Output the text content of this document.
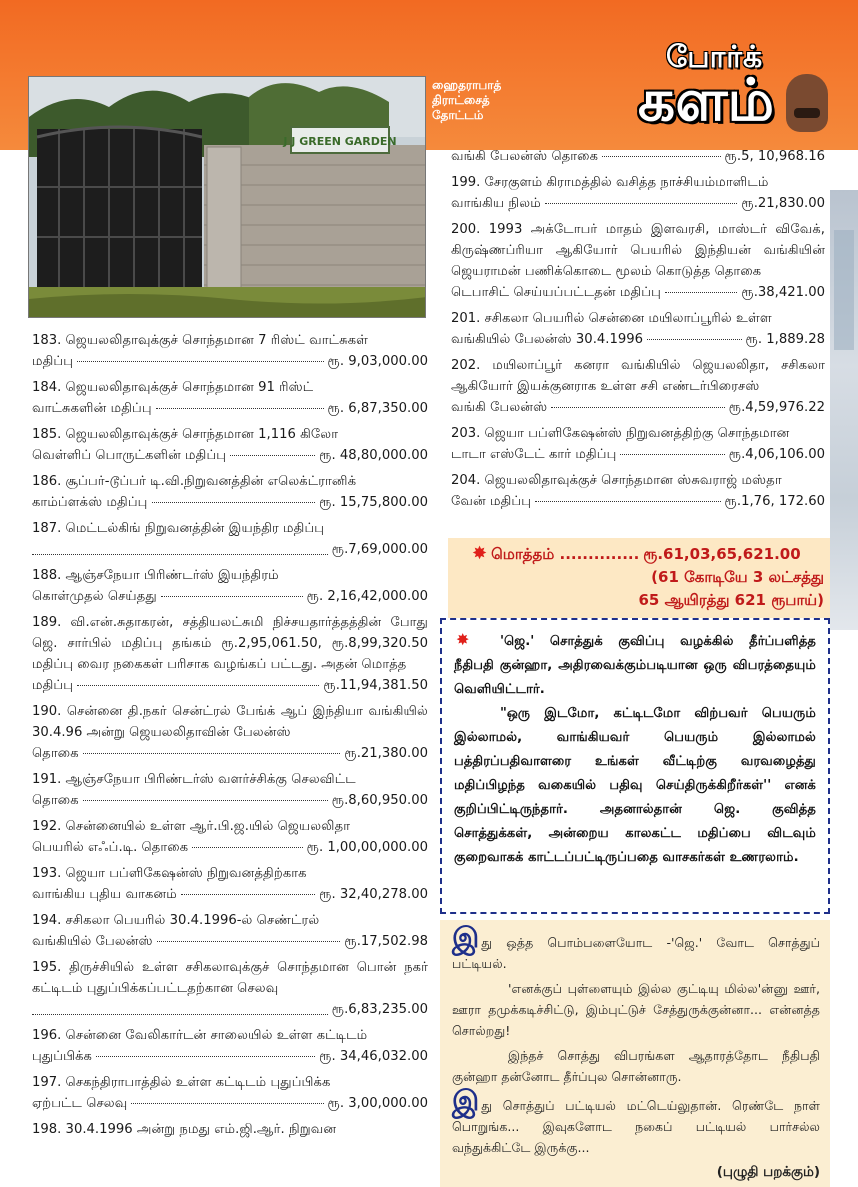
J J GREEN GARDEN
ஹைதராபாத்
திராட்சைத்
தோட்டம்
போர்க்
களம்
183. ஜெயலலிதாவுக்குச் சொந்தமான 7 ரிஸ்ட் வாட்சுகள்
மதிப்பு	ரூ. 9,03,000.00
184. ஜெயலலிதாவுக்குச் சொந்தமான 91 ரிஸ்ட்
வாட்சுகளின் மதிப்பு	ரூ. 6,87,350.00
185. ஜெயலலிதாவுக்குச் சொந்தமான 1,116 கிலோ
வெள்ளிப் பொருட்களின் மதிப்பு	ரூ. 48,80,000.00
186. சூப்பர்-டூப்பர் டி.வி.நிறுவனத்தின் எலெக்ட்ரானிக்
காம்ப்ளக்ஸ் மதிப்பு	ரூ. 15,75,800.00
187. மெட்டல்கிங் நிறுவனத்தின் இயந்திர மதிப்பு
ரூ.7,69,000.00
188. ஆஞ்சநேயா பிரிண்டர்ஸ் இயந்திரம்
கொள்முதல் செய்தது	ரூ. 2,16,42,000.00
189. வி.என்.சுதாகரன், சத்தியலட்சுமி நிச்சயதார்த்தத்தின் போது ஜெ. சார்பில் மதிப்பு தங்கம் ரூ.2,95,061.50, ரூ.8,99,320.50 மதிப்பு வைர நகைகள் பரிசாக வழங்கப் பட்டது. அதன் மொத்த
மதிப்பு	ரூ.11,94,381.50
190. சென்னை தி.நகர் சென்ட்ரல் பேங்க் ஆப் இந்தியா வங்கியில் 30.4.96 அன்று ஜெயலலிதாவின் பேலன்ஸ்
தொகை	ரூ.21,380.00
191. ஆஞ்சநேயா பிரிண்டர்ஸ் வளர்ச்சிக்கு செலவிட்ட
தொகை	ரூ.8,60,950.00
192. சென்னையில் உள்ள ஆர்.பி.ஜ.யில் ஜெயலலிதா
பெயரில் எஃப்.டி. தொகை	ரூ. 1,00,00,000.00
193. ஜெயா பப்ளிகேஷன்ஸ் நிறுவனத்திற்காக
வாங்கிய புதிய வாகனம்	ரூ. 32,40,278.00
194. சசிகலா பெயரில் 30.4.1996-ல் செண்ட்ரல்
வங்கியில் பேலன்ஸ்	ரூ.17,502.98
195. திருச்சியில் உள்ள சசிகலாவுக்குச் சொந்தமான பொன் நகர் கட்டிடம் புதுப்பிக்கப்பட்டதற்கான செலவு
ரூ.6,83,235.00
196. சென்னை வேலிகார்டன் சாலையில் உள்ள கட்டிடம்
புதுப்பிக்க	ரூ. 34,46,032.00
197. செகந்திராபாத்தில் உள்ள கட்டிடம் புதுப்பிக்க
ஏற்பட்ட செலவு	ரூ. 3,00,000.00
198. 30.4.1996 அன்று நமது எம்.ஜி.ஆர். நிறுவன
வங்கி பேலன்ஸ் தொகை	ரூ.5, 10,968.16
199. சேரகுளம் கிராமத்தில் வசித்த நாச்சியம்மாளிடம்
வாங்கிய நிலம்	ரூ.21,830.00
200. 1993 அக்டோபர் மாதம் இளவரசி, மாஸ்டர் விவேக், கிருஷ்ணப்ரியா ஆகியோர் பெயரில் இந்தியன் வங்கியின் ஜெயராமன் பணிக்கொடை மூலம் கொடுத்த தொகை
டெபாசிட் செய்யப்பட்டதன் மதிப்பு	ரூ.38,421.00
201. சசிகலா பெயரில் சென்னை மயிலாப்பூரில் உள்ள
வங்கியில் பேலன்ஸ் 30.4.1996	ரூ. 1,889.28
202. மயிலாப்பூர் கனரா வங்கியில் ஜெயலலிதா, சசிகலா ஆகியோர் இயக்குனராக உள்ள சசி எண்டர்பிரைசஸ்
வங்கி பேலன்ஸ்	ரூ.4,59,976.22
203. ஜெயா பப்ளிகேஷன்ஸ் நிறுவனத்திற்கு சொந்தமான
டாடா எஸ்டேட் கார் மதிப்பு	ரூ.4,06,106.00
204. ஜெயலலிதாவுக்குச் சொந்தமான ஸ்சுவராஜ் மஸ்தா
வேன் மதிப்பு	ரூ.1,76, 172.60
✸ மொத்தம் .............. ரூ.61,03,65,621.00
(61 கோடியே 3 லட்சத்து
65 ஆயிரத்து 621 ரூபாய்)
✸	'ஜெ.' சொத்துக் குவிப்பு வழக்கில் தீர்ப்பளித்த நீதிபதி குன்ஹா, அதிரவைக்கும்படியான ஒரு விபரத்தையும் வெளியிட்டார்.

"ஒரு இடமோ, கட்டிடமோ விற்பவர் பெயரும் இல்லாமல், வாங்கியவர் பெயரும் இல்லாமல் பத்திரப்பதிவாளரை உங்கள் வீட்டிற்கு வரவழைத்து மதிப்பிழந்த வகையில் பதிவு செய்திருக்கிறீர்கள்'' எனக் குறிப்பிட்டிருந்தார். அதனால்தான் ஜெ. குவித்த சொத்துக்கள், அன்றைய காலகட்ட மதிப்பை விடவும் குறைவாகக் காட்டப்பட்டிருப்பதை வாசகர்கள் உணரலாம்.

இது ஒத்த பொம்பளையோட -'ஜெ.' வோட சொத்துப் பட்டியல்.

'எனக்குப் புள்ளையும் இல்ல குட்டியு மில்ல'ன்னு ஊர், ஊரா தமுக்கடிச்சிட்டு, இம்புட்டுச் சேத்துருக்குன்னா... என்னத்த சொல்றது!

இந்தச் சொத்து விபரங்கள ஆதாரத்தோட நீதிபதி குன்ஹா தன்னோட தீர்ப்புல சொன்னாரு.

இது சொத்துப் பட்டியல் மட்டெய்லுதான். ரெண்டே நாள் பொறுங்க... இவுகளோட நகைப் பட்டியல் பார்சல்ல வந்துக்கிட்டே இருக்கு...

(புழுதி பறக்கும்)
